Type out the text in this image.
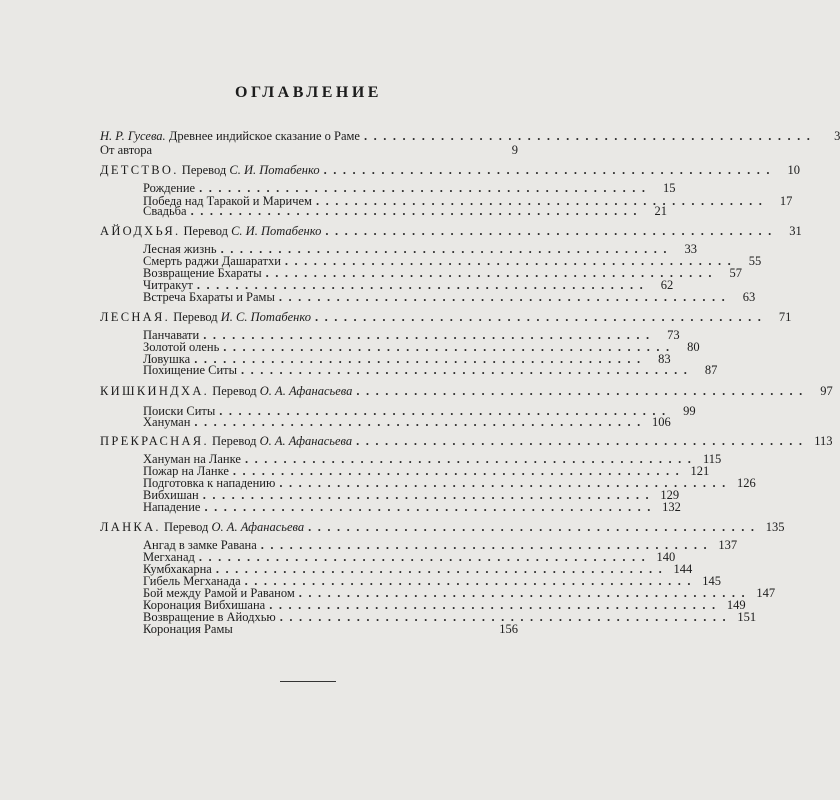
ОГЛАВЛЕНИЕ
Н. Р. Гусева. Древнее индийское сказание о Раме ...............................................	3
От автора	9
ДЕТСТВО. Перевод С. И. Потабенко ............................................... 10
Рождение ............................................... 15
Победа над Таракой и Маричем ............................................... 17
Свадьба ............................................... 21
АЙОДХЬЯ. Перевод С. И. Потабенко ............................................... 31
Лесная жизнь ............................................... 33
Смерть раджи Дашаратхи ............................................... 55
Возвращение Бхараты ............................................... 57
Читракут ............................................... 62
Встреча Бхараты и Рамы ............................................... 63
ЛЕСНАЯ. Перевод И. С. Потабенко ............................................... 71
Панчавати ............................................... 73
Золотой олень ............................................... 80
Ловушка ............................................... 83
Похищение Ситы ............................................... 87
КИШКИНДХА. Перевод О. А. Афанасьева ............................................... 97
Поиски Ситы ............................................... 99
Хануман ............................................... 106
ПРЕКРАСНАЯ. Перевод О. А. Афанасьева ............................................... 113
Хануман на Ланке ............................................... 115
Пожар на Ланке ............................................... 121
Подготовка к нападению ............................................... 126
Вибхишан ............................................... 129
Нападение ............................................... 132
ЛАНКА. Перевод О. А. Афанасьева ............................................... 135
Ангад в замке Равана ............................................... 137
Мегханад ............................................... 140
Кумбхакарна ............................................... 144
Гибель Мегханада ............................................... 145
Бой между Рамой и Раваном ............................................... 147
Коронация Вибхишана ............................................... 149
Возвращение в Айодхью ............................................... 151
Коронация Рамы	156
